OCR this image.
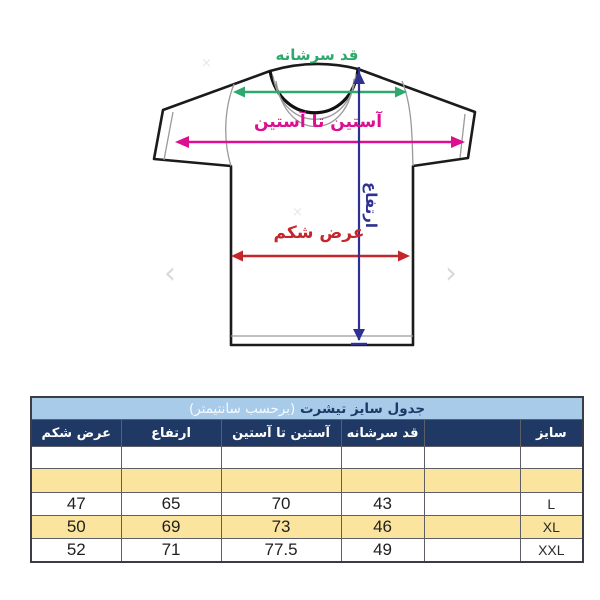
قد سرشانه
آستین تا آستین
ارتفاع
عرض شکم
‹	›
×
×
جدول سایز تیشرت (برحسب سانتیمتر)					
سایز		قد سرشانه	آستین تا آستین	ارتفاع	عرض شکم

L		43	70	65	47
XL		46	73	69	50
XXL		49	77.5	71	52
